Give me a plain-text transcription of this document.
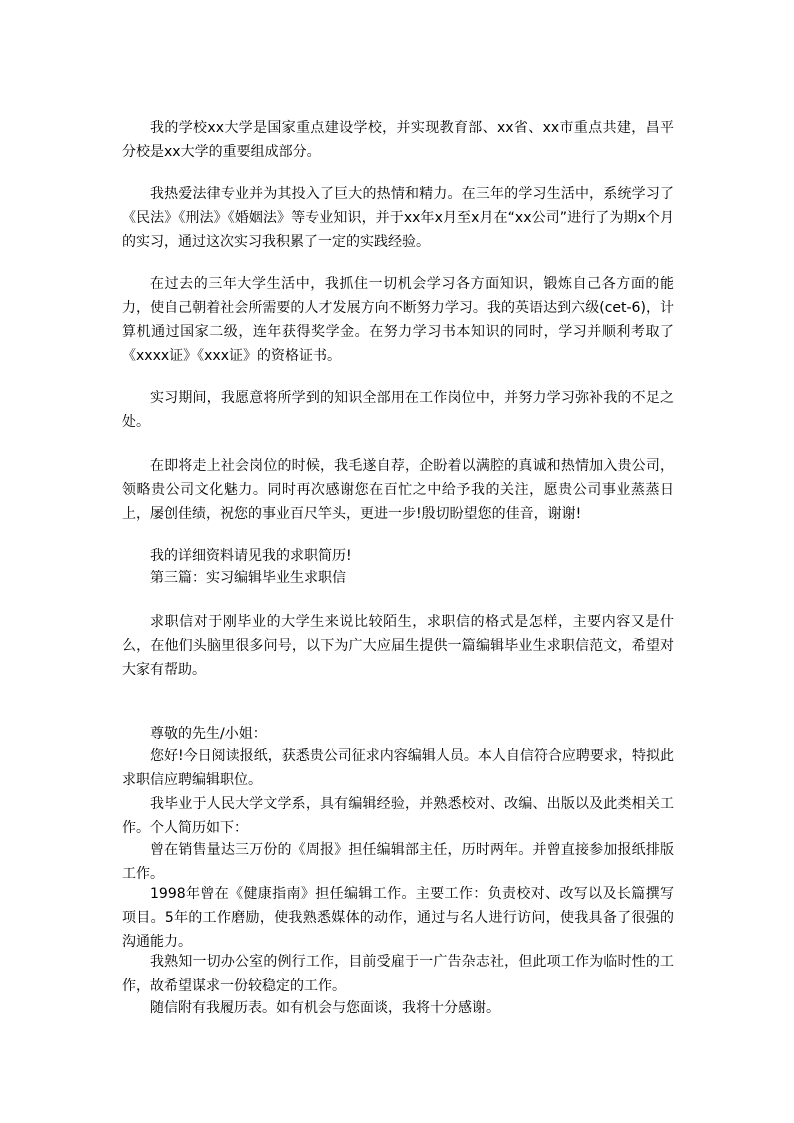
我的学校xx大学是国家重点建设学校，并实现教育部、xx省、xx市重点共建，昌平分校是xx大学的重要组成部分。

我热爱法律专业并为其投入了巨大的热情和精力。在三年的学习生活中，系统学习了《民法》《刑法》《婚姻法》等专业知识，并于xx年x月至x月在“xx公司”进行了为期x个月的实习，通过这次实习我积累了一定的实践经验。

在过去的三年大学生活中，我抓住一切机会学习各方面知识，锻炼自己各方面的能力，使自己朝着社会所需要的人才发展方向不断努力学习。我的英语达到六级(cet-6)，计算机通过国家二级，连年获得奖学金。在努力学习书本知识的同时，学习并顺利考取了《xxxx证》《xxx证》的资格证书。

实习期间，我愿意将所学到的知识全部用在工作岗位中，并努力学习弥补我的不足之处。

在即将走上社会岗位的时候，我毛遂自荐，企盼着以满腔的真诚和热情加入贵公司，领略贵公司文化魅力。同时再次感谢您在百忙之中给予我的关注，愿贵公司事业蒸蒸日上，屡创佳绩，祝您的事业百尺竿头，更进一步!殷切盼望您的佳音，谢谢!

我的详细资料请见我的求职简历!

第三篇：实习编辑毕业生求职信

求职信对于刚毕业的大学生来说比较陌生，求职信的格式是怎样，主要内容又是什么，在他们头脑里很多问号，以下为广大应届生提供一篇编辑毕业生求职信范文，希望对大家有帮助。

尊敬的先生/小姐：

您好!今日阅读报纸，获悉贵公司征求内容编辑人员。本人自信符合应聘要求，特拟此求职信应聘编辑职位。

我毕业于人民大学文学系，具有编辑经验，并熟悉校对、改编、出版以及此类相关工作。个人简历如下：

曾在销售量达三万份的《周报》担任编辑部主任，历时两年。并曾直接参加报纸排版工作。

1998年曾在《健康指南》担任编辑工作。主要工作：负责校对、改写以及长篇撰写项目。5年的工作磨励，使我熟悉媒体的动作，通过与名人进行访问，使我具备了很强的沟通能力。

我熟知一切办公室的例行工作，目前受雇于一广告杂志社，但此项工作为临时性的工作，故希望谋求一份较稳定的工作。

随信附有我履历表。如有机会与您面谈，我将十分感谢。
